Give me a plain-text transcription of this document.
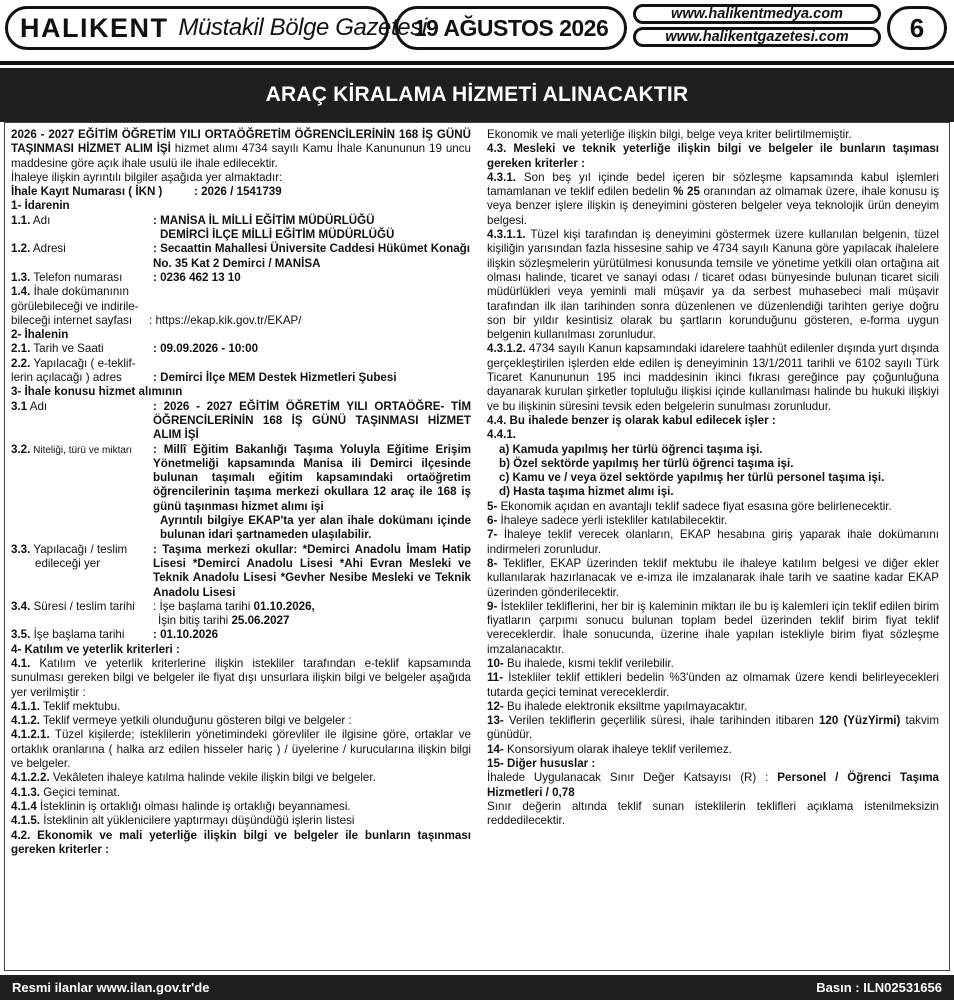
HALIKENT Müstakil Bölge Gazetesi
19 AĞUSTOS 2026
www.halikentmedya.com
www.halikentgazetesi.com	6
ARAÇ KİRALAMA HİZMETİ ALINACAKTIR

2026 - 2027 EĞİTİM ÖĞRETİM YILI ORTAÖĞRETİM ÖĞRENCİLERİNİN 168 İŞ GÜNÜ TAŞINMASI HİZMET ALIM İŞİ hizmet alımı 4734 sayılı Kamu İhale Kanununun 19 uncu maddesine göre açık ihale usulü ile ihale edilecektir.

İhaleye ilişkin ayrıntılı bilgiler aşağıda yer almaktadır:

İhale Kayıt Numarası ( İKN )	: 2026 / 1541739

1- İdarenin

1.1. Adı	: MANİSA İL MİLLİ EĞİTİM MÜDÜRLÜĞÜ
DEMİRCİ İLÇE MİLLİ EĞİTİM MÜDÜRLÜĞÜ
1.2. Adresi	: Secaattin Mahallesi Üniversite Caddesi Hükümet Konağı No. 35 Kat 2 Demirci / MANİSA
1.3. Telefon numarası	: 0236 462 13 10
1.4. İhale dokümanının
görülebileceği ve indirile-
bileceği internet sayfası	: https://ekap.kik.gov.tr/EKAP/

2- İhalenin

2.1. Tarih ve Saati	: 09.09.2026 - 10:00
2.2. Yapılacağı ( e-teklif-
lerin açılacağı ) adres	: Demirci İlçe MEM Destek Hizmetleri Şubesi

3- İhale konusu hizmet alımının

3.1 Adı	: 2026 - 2027 EĞİTİM ÖĞRETİM YILI ORTAÖĞRE- TİM ÖĞRENCİLERİNİN 168 İŞ GÜNÜ TAŞINMASI HİZMET ALIM İŞİ
3.2. Niteliği, türü ve miktarı	: Millî Eğitim Bakanlığı Taşıma Yoluyla Eğitime Erişim Yönetmeliği kapsamında Manisa ili Demirci ilçesinde bulunan taşımalı eğitim kapsamındaki ortaöğretim öğrencilerinin taşıma merkezi okullara 12 araç ile 168 iş günü taşınması hizmet alımı işi

Ayrıntılı bilgiye EKAP'ta yer alan ihale dokümanı içinde bulunan idari şartnameden ulaşılabilir.
3.3. Yapılacağı / teslim
edileceği yer
: Taşıma merkezi okullar: *Demirci Anadolu İmam Hatip Lisesi *Demirci Anadolu Lisesi *Ahi Evran Mesleki ve Teknik Anadolu Lisesi *Gevher Nesibe Mesleki ve Teknik Anadolu Lisesi
3.4. Süresi / teslim tarihi	: İşe başlama tarihi 01.10.2026,
İşin bitiş tarihi 25.06.2027
3.5. İşe başlama tarihi	: 01.10.2026

4- Katılım ve yeterlik kriterleri :

4.1. Katılım ve yeterlik kriterlerine ilişkin istekliler tarafından e-teklif kapsamında sunulması gereken bilgi ve belgeler ile fiyat dışı unsurlara ilişkin bilgi ve belgeler aşağıda yer verilmiştir :

4.1.1. Teklif mektubu.

4.1.2. Teklif vermeye yetkili olunduğunu gösteren bilgi ve belgeler :

4.1.2.1. Tüzel kişilerde; isteklilerin yönetimindeki görevliler ile ilgisine göre, ortaklar ve ortaklık oranlarına ( halka arz edilen hisseler hariç ) / üyelerine / kurucularına ilişkin bilgi ve belgeler.

4.1.2.2. Vekâleten ihaleye katılma halinde vekile ilişkin bilgi ve belgeler.

4.1.3. Geçici teminat.

4.1.4 İsteklinin iş ortaklığı olması halinde iş ortaklığı beyannamesi.

4.1.5. İsteklinin alt yüklenicilere yaptırmayı düşündüğü işlerin listesi

4.2. Ekonomik ve mali yeterliğe ilişkin bilgi ve belgeler ile bunların taşınması gereken kriterler :

Ekonomik ve mali yeterliğe ilişkin bilgi, belge veya kriter belirtilmemiştir.

4.3. Mesleki ve teknik yeterliğe ilişkin bilgi ve belgeler ile bunların taşıması gereken kriterler :

4.3.1. Son beş yıl içinde bedel içeren bir sözleşme kapsamında kabul işlemleri tamamlanan ve teklif edilen bedelin % 25 oranından az olmamak üzere, ihale konusu iş veya benzer işlere ilişkin iş deneyimini gösteren belgeler veya teknolojik ürün deneyim belgesi.

4.3.1.1. Tüzel kişi tarafından iş deneyimini göstermek üzere kullanılan belgenin, tüzel kişiliğin yarısından fazla hissesine sahip ve 4734 sayılı Kanuna göre yapılacak ihalelere ilişkin sözleşmelerin yürütülmesi konusunda temsile ve yönetime yetkili olan ortağına ait olması halinde, ticaret ve sanayi odası / ticaret odası bünyesinde bulunan ticaret sicili müdürlükleri veya yeminli mali müşavir ya da serbest muhasebeci mali müşavir tarafından ilk ilan tarihinden sonra düzenlenen ve düzenlendiği tarihten geriye doğru son bir yıldır kesintisiz olarak bu şartların korunduğunu gösteren, e-forma uygun belgenin kullanılması zorunludur.

4.3.1.2. 4734 sayılı Kanun kapsamındaki idarelere taahhüt edilenler dışında yurt dışında gerçekleştirilen işlerden elde edilen iş deneyiminin 13/1/2011 tarihli ve 6102 sayılı Türk Ticaret Kanununun 195 inci maddesinin ikinci fıkrası gereğince pay çoğunluğuna dayanarak kurulan şirketler topluluğu ilişkisi içinde kullanılması halinde bu hukuki ilişkiyi ve bu ilişkinin süresini tevsik eden belgelerin sunulması zorunludur.

4.4. Bu ihalede benzer iş olarak kabul edilecek işler :

4.4.1.

a) Kamuda yapılmış her türlü öğrenci taşıma işi.

b) Özel sektörde yapılmış her türlü öğrenci taşıma işi.

c) Kamu ve / veya özel sektörde yapılmış her türlü personel taşıma işi.

d) Hasta taşıma hizmet alımı işi.

5- Ekonomik açıdan en avantajlı teklif sadece fiyat esasına göre belirlenecektir.

6- İhaleye sadece yerli istekliler katılabilecektir.

7- İhaleye teklif verecek olanların, EKAP hesabına giriş yaparak ihale dokümanını indirmeleri zorunludur.

8- Teklifler, EKAP üzerinden teklif mektubu ile ihaleye katılım belgesi ve diğer ekler kullanılarak hazırlanacak ve e-imza ile imzalanarak ihale tarih ve saatine kadar EKAP üzerinden gönderilecektir.

9- İstekliler tekliflerini, her bir iş kaleminin miktarı ile bu iş kalemleri için teklif edilen birim fiyatların çarpımı sonucu bulunan toplam bedel üzerinden teklif birim fiyat teklif vereceklerdir. İhale sonucunda, üzerine ihale yapılan istekliyle birim fiyat sözleşme imzalanacaktır.

10- Bu ihalede, kısmi teklif verilebilir.

11- İstekliler teklif ettikleri bedelin %3'ünden az olmamak üzere kendi belirleyecekleri tutarda geçici teminat vereceklerdir.

12- Bu ihalede elektronik eksiltme yapılmayacaktır.

13- Verilen tekliflerin geçerlilik süresi, ihale tarihinden itibaren 120 (YüzYirmi) takvim günüdür.

14- Konsorsiyum olarak ihaleye teklif verilemez.

15- Diğer hususlar :

İhalede Uygulanacak Sınır Değer Katsayısı (R) : Personel / Öğrenci Taşıma Hizmetleri / 0,78

Sınır değerin altında teklif sunan isteklilerin teklifleri açıklama istenilmeksizin reddedilecektir.

Resmi ilanlar www.ilan.gov.tr'de	Basın : ILN02531656
